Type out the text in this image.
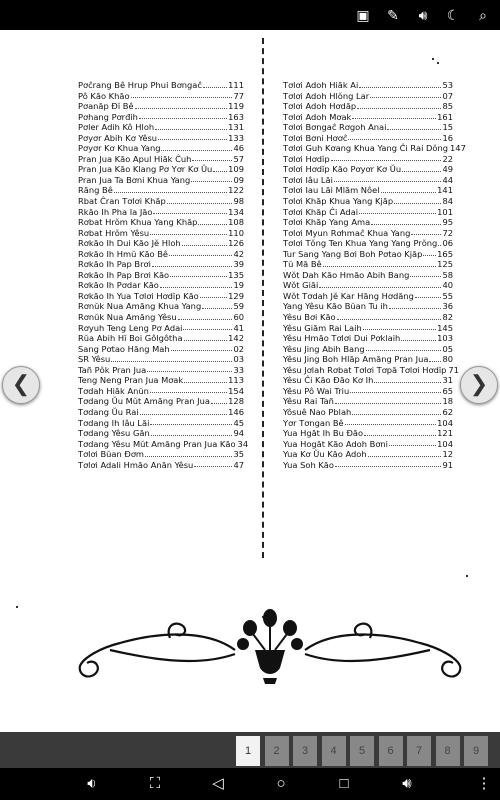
▣ ✎	🔊︎	☾	⌕
Pơĉrang Bê Hrup Phui Bơngaĉ	111
Pô Kăo Khăo	77
Pơanăp Đĭ Bê	119
Pơhang Pơrđih	163
Pơler Adih Kô Hloh	131
Pơyơr Abih Kơ Yêsu	133
Pơyơr Kơ Khua Yang	46
Pran Jua Kăo Apul Hiăk Ĉuh	57
Pran Jua Kăo Klang Pơ Yơr Kơ Ŭu 109
Pran Jua Ta Bơni Khua Yang	09
Răng Bê	122
Rbat Ĉran Tơlơi Khăp	98
Rkăo Ih Pha Ia Jăo	134
Rơbat Hrŏm Khua Yang Khăp	108
Rơbat Hrŏm Yêsu	110
Rơkăo Ih Dui Kăo Jĕ Hloh	126
Rơkăo Ih Hmŭ Kăo Bê	42
Rơkăo Ih Pap Brơi	39
Rơkăo Ih Pap Brơi Kăo	135
Rơkăo Ih Pơdar Kăo	19
Rơkăo Ih Yua Tơlơi Hơdĭp Kăo	129
Rơnŭk Nua Amăng Khua Yang	59
Rơnŭk Nua Amăng Yêsu	60
Rơyuh Teng Leng Pơ Adai	41
Rŭa Abih Hĭ Boi Gôlgôtha	142
Sang Pơtao Hăng Mah	02
SR Yêsu	03
Tañ Pŏk Pran Jua	33
Teng Neng Pran Jua Mơak	113
Tơdah Hiăk Anŭn	154
Tơdang Ŭu Mŭt Amăng Pran Jua 128
Tơdang Ŭu Rai	146
Tơdang Ih Iâu Lăi	45
Tơdang Yêsu Găn	94
Tơdang Yêsu Mŭt Amăng Pran Jua Kăo 34
Tơlơi Bŭan Đơm	35
Tơlơi Adali Hmăo Anăn Yêsu	47
Tơlơi Adoh Hiăk Ai	53
Tơlơi Adoh Hlŏng Lar	07
Tơlơi Adoh Hơdăp	85
Tơlơi Adoh Mơak	161
Tơlơi Bơngaĉ Rơgoh Anai	15
Tơlơi Bơni Hơơĉ	16
Tơlơi Guh Kơang Khua Yang Ĉi Rai Dŏng 147
Tơlơi Hơdĭp	22
Tơlơi Hơdĭp Kăo Pơyơr Kơ Ŭu	49
Tơlơi Iâu Lăi	44
Tơlơi Iau Lăi Mlăm Nôel	141
Tơlơi Khăp Khua Yang Kjăp	84
Tơlơi Khăp Ĉi Adai	101
Tơlơi Khăp Yang Ama	95
Tơlơi Myun Rơhmaĉ Khua Yang	72
Tơlơi Tŏng Ten Khua Yang Yang Prŏng 06
Tur Sang Yang Bơi Boh Pơtao Kjăp 165
Tŭ Mă Bê	125
Wŏt Dah Kăo Hmăo Abih Bang	58
Wŏt Giăi	40
Wŏt Tơdah Jĕ Kar Hăng Hơdăng	55
Yang Yêsu Kăo Bŭan Tu ih	36
Yêsu Bơi Kăo	82
Yêsu Giăm Rai Laih	145
Yêsu Hmăo Tơlơi Dui Pơklaih	103
Yêsu Jing Abih Bang	05
Yêsu Jing Boh Hlăp Amăng Pran Jua 80
Yêsu Jơlah Rơbat Tơlơi Tơpă Tơlơi Hơdĭp 71
Yêsu Ĉi Kăo Đăo Kơ Ih	31
Yêsu Pô Wai Triu	65
Yêsu Rai Tañ	18
Yôsuê Nao Pblah	62
Yơr Tơngan Bê	104
Yua Hgăt Ih Bu Đăo	121
Yua Hogăt Kăo Adoh Bơni	104
Yua Kơ Ŭu Kăo Adoh	12
Yua Soh Kăo	91
❮	❯
1	2	3	4	5	6	7	8	9
🔉︎	⛶	◁	○	□	🔊︎	⋮
